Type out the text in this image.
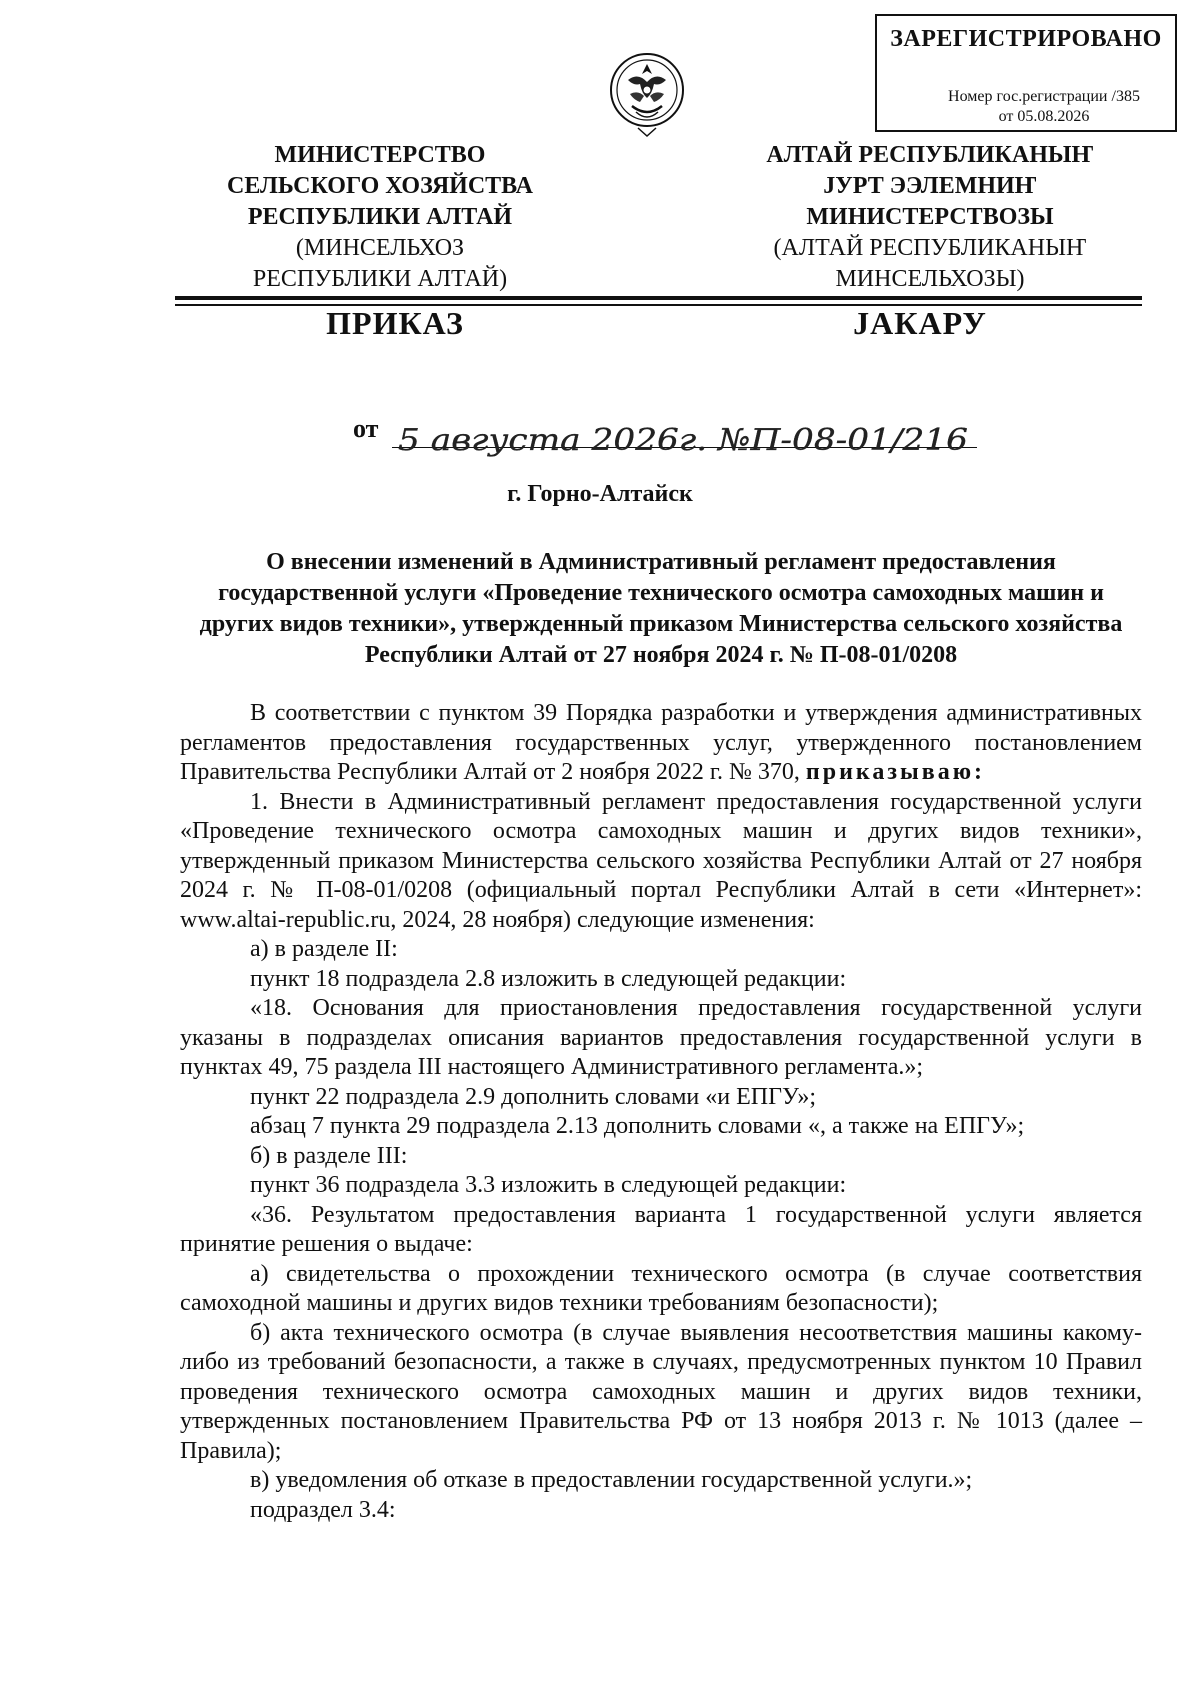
ЗАРЕГИСТРИРОВАНО
Номер гос.регистрации /385
от 05.08.2026
МИНИСТЕРСТВО
СЕЛЬСКОГО ХОЗЯЙСТВА
РЕСПУБЛИКИ АЛТАЙ
(МИНСЕЛЬХОЗ
РЕСПУБЛИКИ АЛТАЙ)
АЛТАЙ РЕСПУБЛИКАНЫҤ
ЈУРТ ЭЭЛЕМНИҤ
МИНИСТЕРСТВОЗЫ
(АЛТАЙ РЕСПУБЛИКАНЫҤ
МИНСЕЛЬХОЗЫ)
ПРИКАЗ	ЈАКАРУ
от 5 августа 2026г. №П-08-01/216
г. Горно-Алтайск
О внесении изменений в Административный регламент предоставления государственной услуги «Проведение технического осмотра самоходных машин и других видов техники», утвержденный приказом Министерства сельского хозяйства Республики Алтай от 27 ноября 2024 г. № П-08-01/0208

В соответствии с пунктом 39 Порядка разработки и утверждения административных регламентов предоставления государственных услуг, утвержденного постановлением Правительства Республики Алтай от 2 ноября 2022 г. № 370, приказываю:

1. Внести в Административный регламент предоставления государственной услуги «Проведение технического осмотра самоходных машин и других видов техники», утвержденный приказом Министерства сельского хозяйства Республики Алтай от 27 ноября 2024 г. № П-08-01/0208 (официальный портал Республики Алтай в сети «Интернет»: www.altai-republic.ru, 2024, 28 ноября) следующие изменения:

а) в разделе II:

пункт 18 подраздела 2.8 изложить в следующей редакции:

«18. Основания для приостановления предоставления государственной услуги указаны в подразделах описания вариантов предоставления государственной услуги в пунктах 49, 75 раздела III настоящего Административного регламента.»;

пункт 22 подраздела 2.9 дополнить словами «и ЕПГУ»;

абзац 7 пункта 29 подраздела 2.13 дополнить словами «, а также на ЕПГУ»;

б) в разделе III:

пункт 36 подраздела 3.3 изложить в следующей редакции:

«36. Результатом предоставления варианта 1 государственной услуги является принятие решения о выдаче:

а) свидетельства о прохождении технического осмотра (в случае соответствия самоходной машины и других видов техники требованиям безопасности);

б) акта технического осмотра (в случае выявления несоответствия машины какому-либо из требований безопасности, а также в случаях, предусмотренных пунктом 10 Правил проведения технического осмотра самоходных машин и других видов техники, утвержденных постановлением Правительства РФ от 13 ноября 2013 г. № 1013 (далее – Правила);

в) уведомления об отказе в предоставлении государственной услуги.»;

подраздел 3.4:
